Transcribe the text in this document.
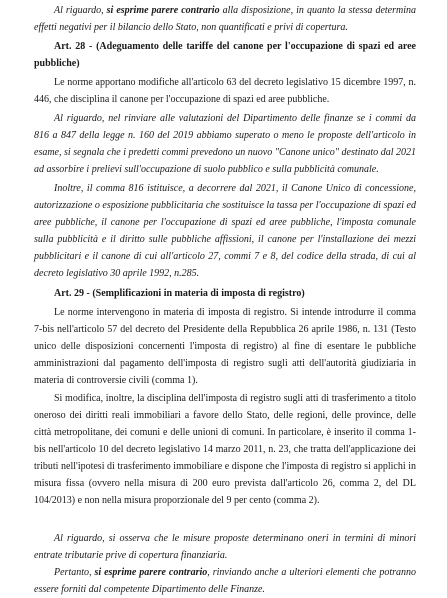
Al riguardo, si esprime parere contrario alla disposizione, in quanto la stessa determina effetti negativi per il bilancio dello Stato, non quantificati e privi di copertura.

Art. 28 - (Adeguamento delle tariffe del canone per l'occupazione di spazi ed aree pubbliche)

Le norme apportano modifiche all'articolo 63 del decreto legislativo 15 dicembre 1997, n. 446, che disciplina il canone per l'occupazione di spazi ed aree pubbliche.

Al riguardo, nel rinviare alle valutazioni del Dipartimento delle finanze se i commi da 816 a 847 della legge n. 160 del 2019 abbiamo superato o meno le proposte dell'articolo in esame, si segnala che i predetti commi prevedono un nuovo "Canone unico" destinato dal 2021 ad assorbire i prelievi sull'occupazione di suolo pubblico e sulla pubblicità comunale.

Inoltre, il comma 816 istituisce, a decorrere dal 2021, il Canone Unico di concessione, autorizzazione o esposizione pubblicitaria che sostituisce la tassa per l'occupazione di spazi ed aree pubbliche, il canone per l'occupazione di spazi ed aree pubbliche, l'imposta comunale sulla pubblicità e il diritto sulle pubbliche affissioni, il canone per l'installazione dei mezzi pubblicitari e il canone di cui all'articolo 27, commi 7 e 8, del codice della strada, di cui al decreto legislativo 30 aprile 1992, n.285.

Art. 29 - (Semplificazioni in materia di imposta di registro)

Le norme intervengono in materia di imposta di registro. Si intende introdurre il comma 7-bis nell'articolo 57 del decreto del Presidente della Repubblica 26 aprile 1986, n. 131 (Testo unico delle disposizioni concernenti l'imposta di registro) al fine di esentare le pubbliche amministrazioni dal pagamento dell'imposta di registro sugli atti dell'autorità giudiziaria in materia di controversie civili (comma 1).

Si modifica, inoltre, la disciplina dell'imposta di registro sugli atti di trasferimento a titolo oneroso dei diritti reali immobiliari a favore dello Stato, delle regioni, delle province, delle città metropolitane, dei comuni e delle unioni di comuni. In particolare, è inserito il comma 1-bis nell'articolo 10 del decreto legislativo 14 marzo 2011, n. 23, che tratta dell'applicazione dei tributi nell'ipotesi di trasferimento immobiliare e dispone che l'imposta di registro si applichi in misura fissa (ovvero nella misura di 200 euro prevista dall'articolo 26, comma 2, del DL 104/2013) e non nella misura proporzionale del 9 per cento (comma 2).

Al riguardo, si osserva che le misure proposte determinano oneri in termini di minori entrate tributarie prive di copertura finanziaria.

Pertanto, si esprime parere contrario, rinviando anche a ulteriori elementi che potranno essere forniti dal competente Dipartimento delle Finanze.
